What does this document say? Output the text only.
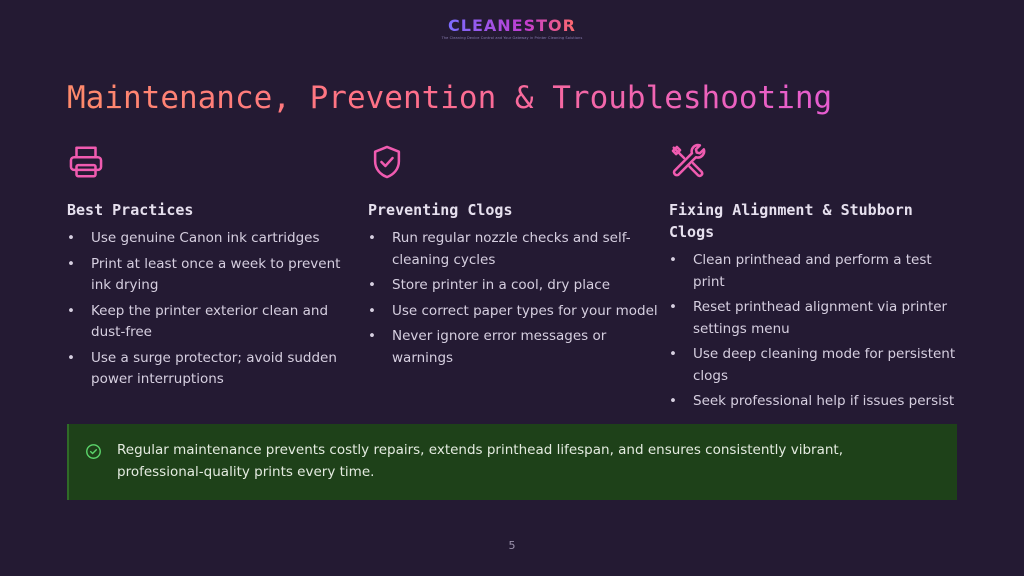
CLEANESTOR
The Cleaning Device Control and Your Gateway in Printer Cleaning Solutions
Maintenance, Prevention & Troubleshooting
Best Practices
• Use genuine Canon ink cartridges
• Print at least once a week to prevent ink drying
• Keep the printer exterior clean and dust-free
• Use a surge protector; avoid sudden power interruptions
Preventing Clogs
• Run regular nozzle checks and self-cleaning cycles
• Store printer in a cool, dry place
• Use correct paper types for your model
• Never ignore error messages or warnings
Fixing Alignment & Stubborn Clogs
• Clean printhead and perform a test print
• Reset printhead alignment via printer settings menu
• Use deep cleaning mode for persistent clogs
• Seek professional help if issues persist

Regular maintenance prevents costly repairs, extends printhead lifespan, and ensures consistently vibrant, professional-quality prints every time.

5
